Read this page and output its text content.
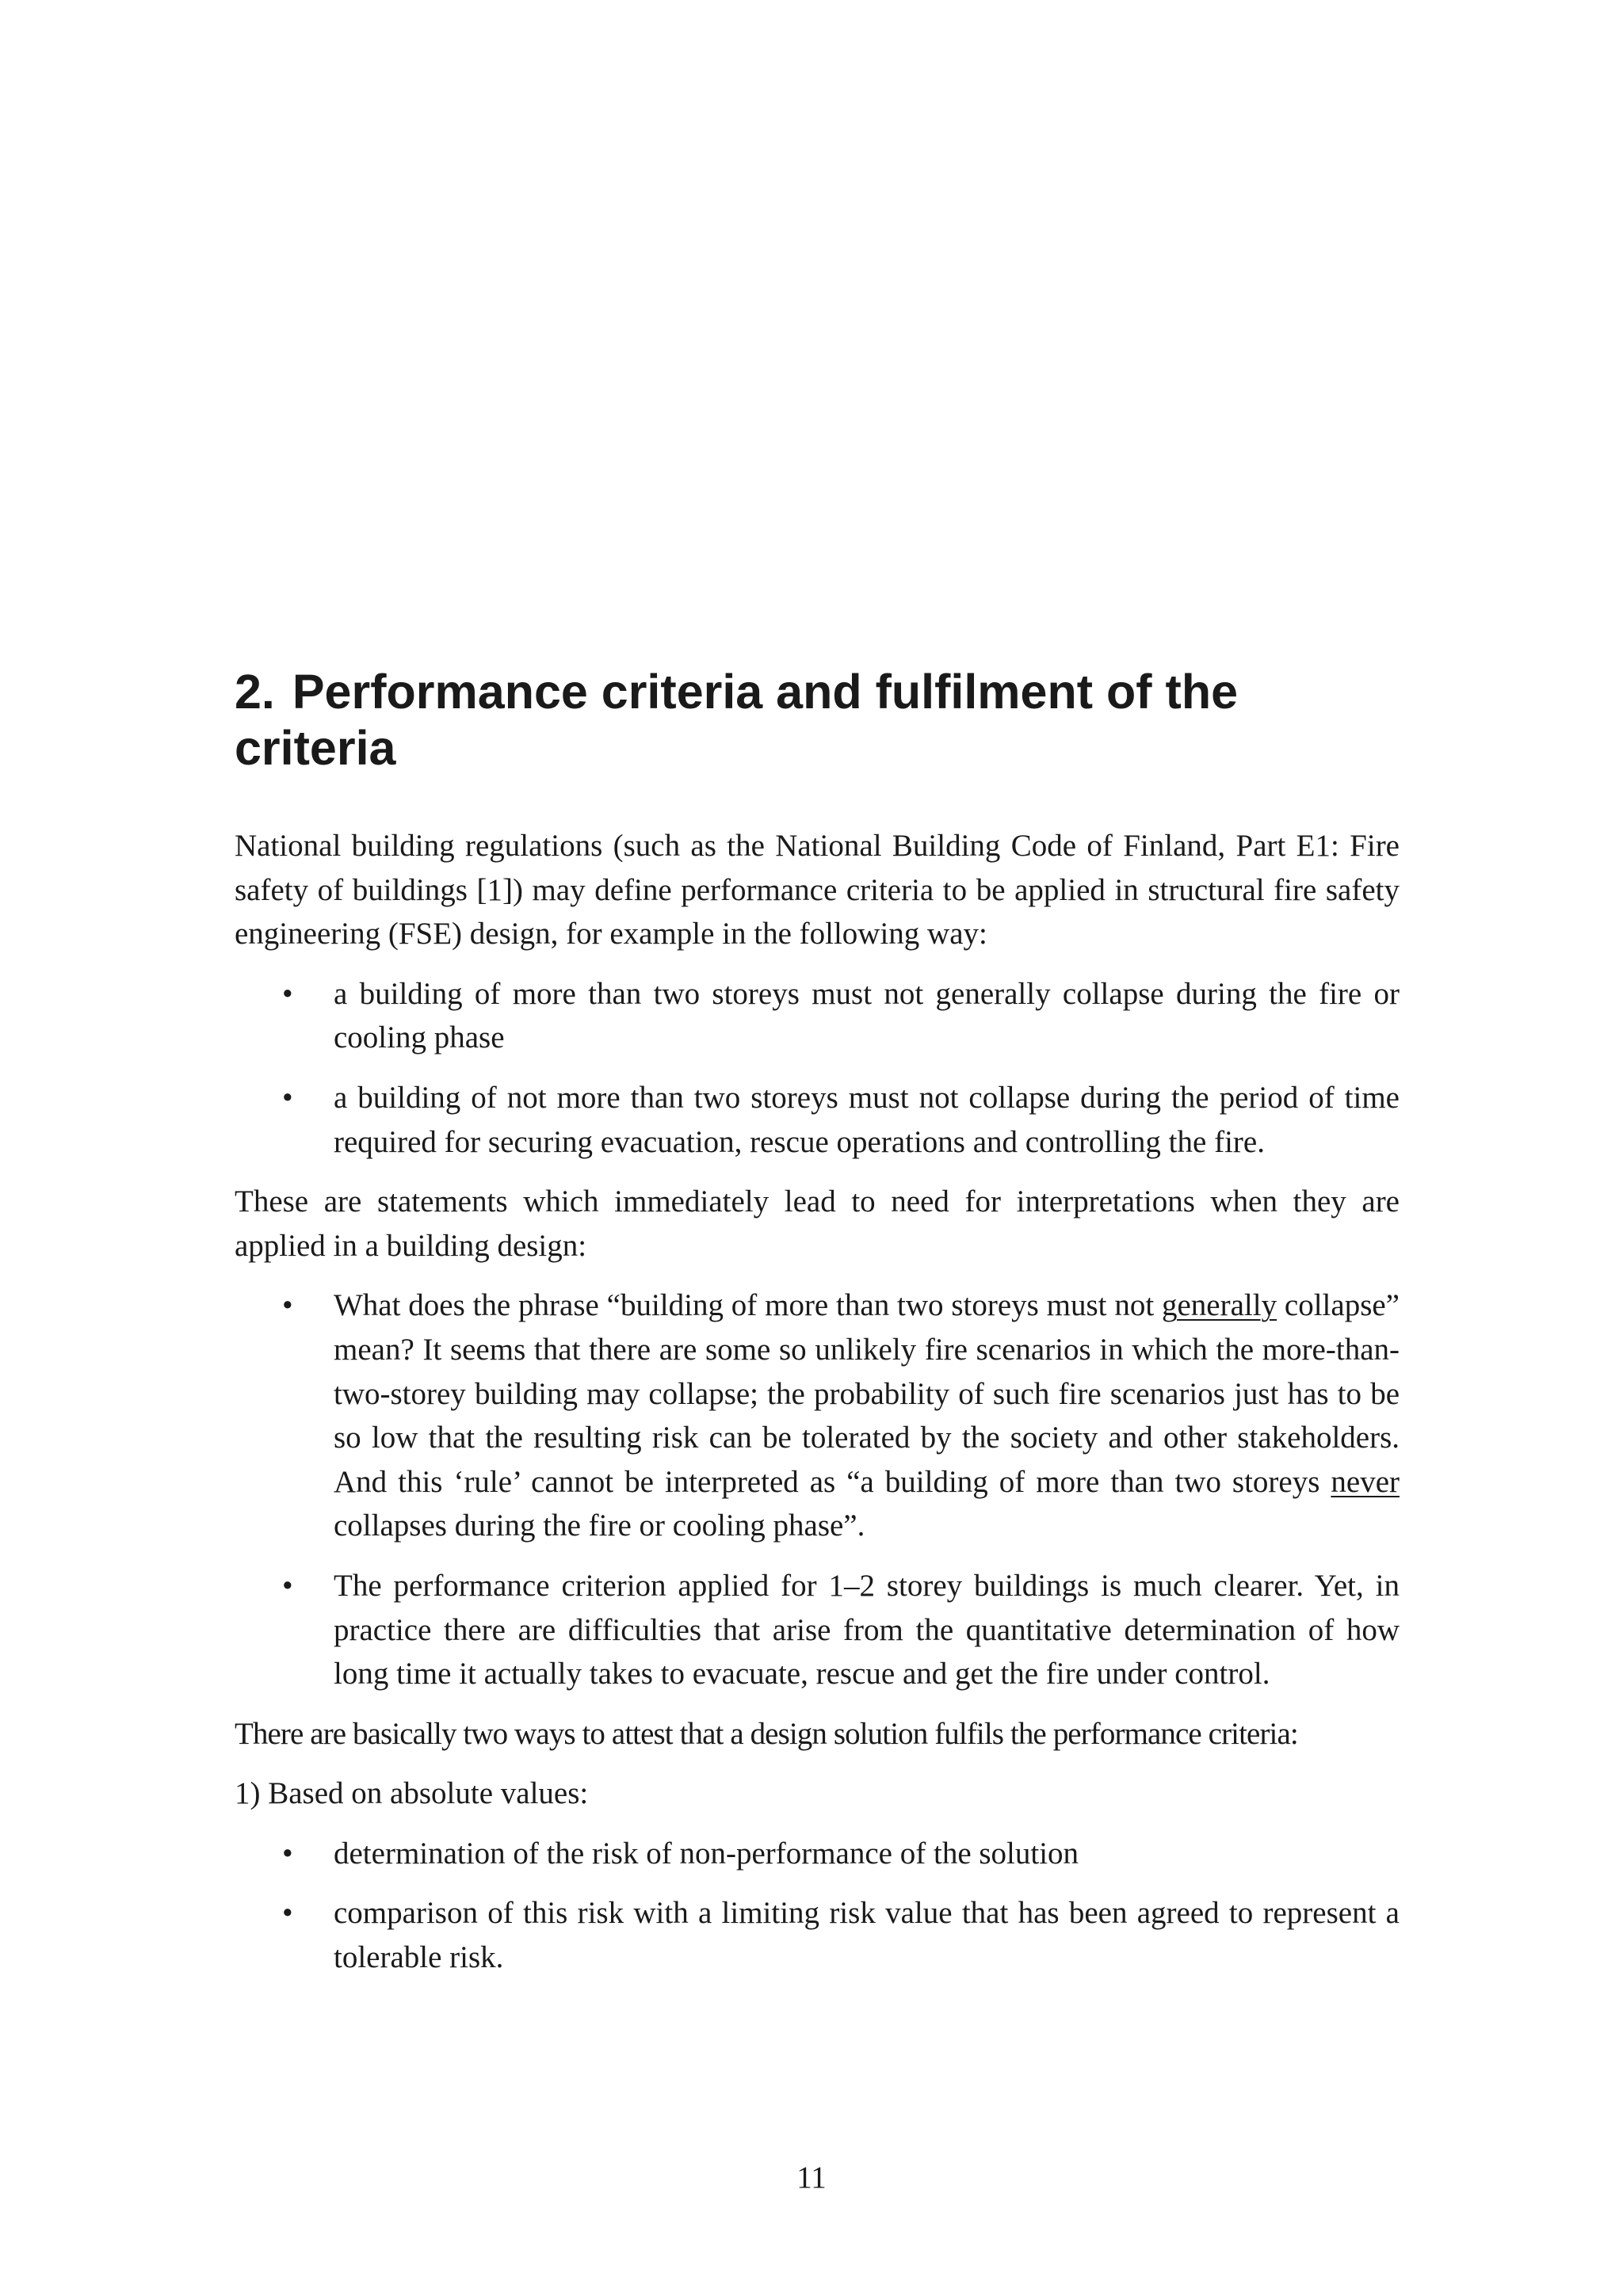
2. Performance criteria and fulfilment of the criteria

National building regulations (such as the National Building Code of Finland, Part E1: Fire safety of buildings [1]) may define performance criteria to be applied in structural fire safety engineering (FSE) design, for example in the following way:

•	a building of more than two storeys must not generally collapse during the fire or cooling phase
•	a building of not more than two storeys must not collapse during the period of time required for securing evacuation, rescue operations and controlling the fire.

These are statements which immediately lead to need for interpretations when they are applied in a building design:

•	What does the phrase “building of more than two storeys must not generally collapse” mean? It seems that there are some so unlikely fire scenarios in which the more-than-two-storey building may collapse; the probability of such fire scenarios just has to be so low that the resulting risk can be tolerated by the society and other stakeholders. And this ‘rule’ cannot be interpreted as “a building of more than two storeys never collapses during the fire or cooling phase”.
•	The performance criterion applied for 1–2 storey buildings is much clearer. Yet, in practice there are difficulties that arise from the quantitative determination of how long time it actually takes to evacuate, rescue and get the fire under control.

There are basically two ways to attest that a design solution fulfils the performance criteria:

1) Based on absolute values:

•	determination of the risk of non-performance of the solution
•	comparison of this risk with a limiting risk value that has been agreed to represent a tolerable risk.
11
